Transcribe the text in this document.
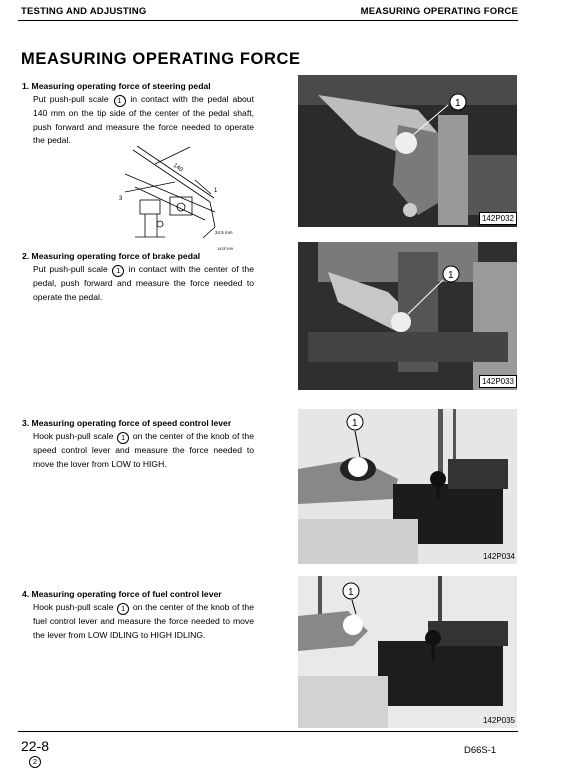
TESTING AND ADJUSTING	MEASURING OPERATING FORCE
MEASURING OPERATING FORCE
1. Measuring operating force of steering pedal
Put push-pull scale 1 in contact with the pedal about 140 mm on the tip side of the center of the pedal shaft, push forward and measure the force needed to operate the pedal.
140
1
3
34.5 mm
142F199
2. Measuring operating force of brake pedal
Put push-pull scale 1 in contact with the center of the pedal, push forward and measure the force needed to operate the pedal.
3. Measuring operating force of speed control lever
Hook push-pull scale 1 on the center of the knob of the speed control lever and measure the force needed to move the lover from LOW to HIGH.
4. Measuring operating force of fuel control lever
Hook push-pull scale 1 on the center of the knob of the fuel control lever and measure the force needed to move the lever from LOW IDLING to HIGH IDLING.
1
142P032
1
142P033
1
142P034
1
142P035
22-8
2
D66S-1
